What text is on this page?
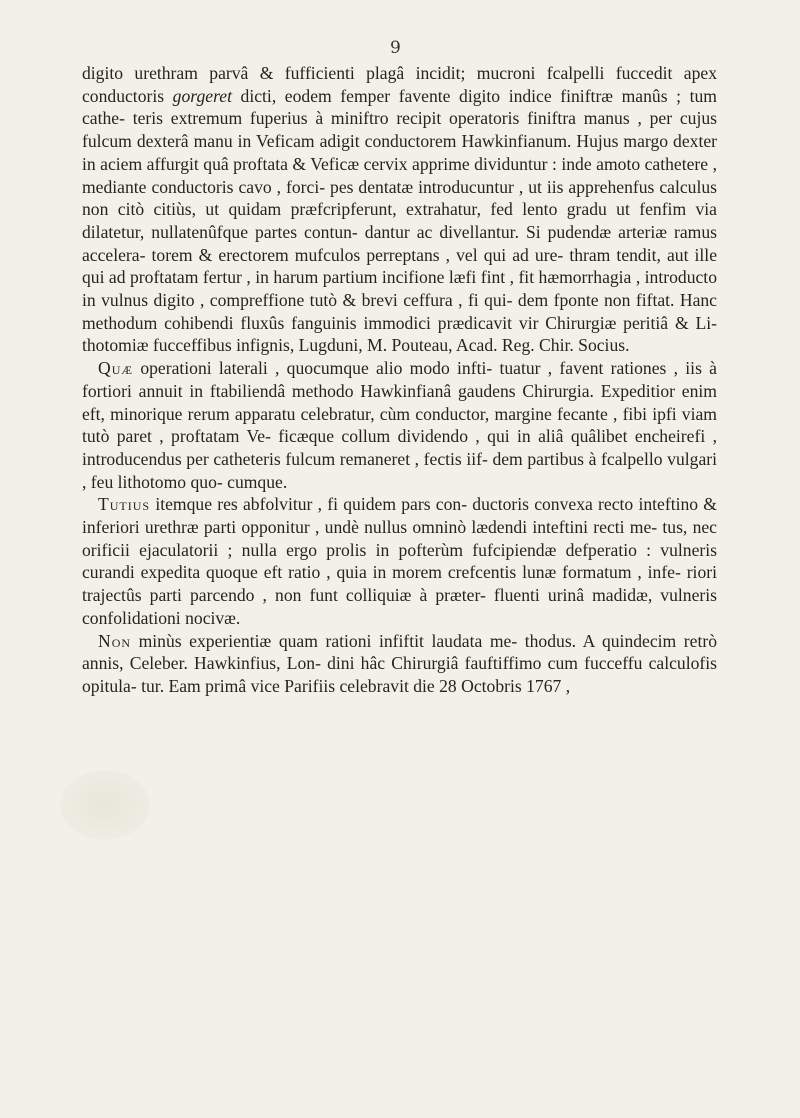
9

digito urethram parvâ & fufficienti plagâ incidit; mucroni fcalpelli fuccedit apex conductoris gorgeret dicti, eodem femper favente digito indice finiftræ manûs ; tum cathe- teris extremum fuperius à miniftro recipit operatoris finiftra manus , per cujus fulcum dexterâ manu in Veficam adigit conductorem Hawkinfianum. Hujus margo dexter in aciem affurgit quâ proftata & Veficæ cervix apprime dividuntur : inde amoto cathetere , mediante conductoris cavo , forci- pes dentatæ introducuntur , ut iis apprehenfus calculus non citò citiùs, ut quidam præfcripferunt, extrahatur, fed lento gradu ut fenfim via dilatetur, nullatenûfque partes contun- dantur ac divellantur. Si pudendæ arteriæ ramus accelera- torem & erectorem mufculos perreptans , vel qui ad ure- thram tendit, aut ille qui ad proftatam fertur , in harum partium incifione læfi fint , fit hæmorrhagia , introducto in vulnus digito , compreffione tutò & brevi ceffura , fi qui- dem fponte non fiftat. Hanc methodum cohibendi fluxûs fanguinis immodici prædicavit vir Chirurgiæ peritiâ & Li- thotomiæ fucceffibus infignis, Lugduni, M. Pouteau, Acad. Reg. Chir. Socius.

Quæ operationi laterali , quocumque alio modo infti- tuatur , favent rationes , iis à fortiori annuit in ftabiliendâ methodo Hawkinfianâ gaudens Chirurgia. Expeditior enim eft, minorique rerum apparatu celebratur, cùm conductor, margine fecante , fibi ipfi viam tutò paret , proftatam Ve- ficæque collum dividendo , qui in aliâ quâlibet encheirefi , introducendus per catheteris fulcum remaneret , fectis iif- dem partibus à fcalpello vulgari , feu lithotomo quo- cumque.

Tutius itemque res abfolvitur , fi quidem pars con- ductoris convexa recto inteftino & inferiori urethræ parti opponitur , undè nullus omninò lædendi inteftini recti me- tus, nec orificii ejaculatorii ; nulla ergo prolis in pofterùm fufcipiendæ defperatio : vulneris curandi expedita quoque eft ratio , quia in morem crefcentis lunæ formatum , infe- riori trajectûs parti parcendo , non funt colliquiæ à præter- fluenti urinâ madidæ, vulneris confolidationi nocivæ.

Non minùs experientiæ quam rationi infiftit laudata me- thodus. A quindecim retrò annis, Celeber. Hawkinfius, Lon- dini hâc Chirurgiâ fauftiffimo cum fucceffu calculofis opitula- tur. Eam primâ vice Parifiis celebravit die 28 Octobris 1767 ,
